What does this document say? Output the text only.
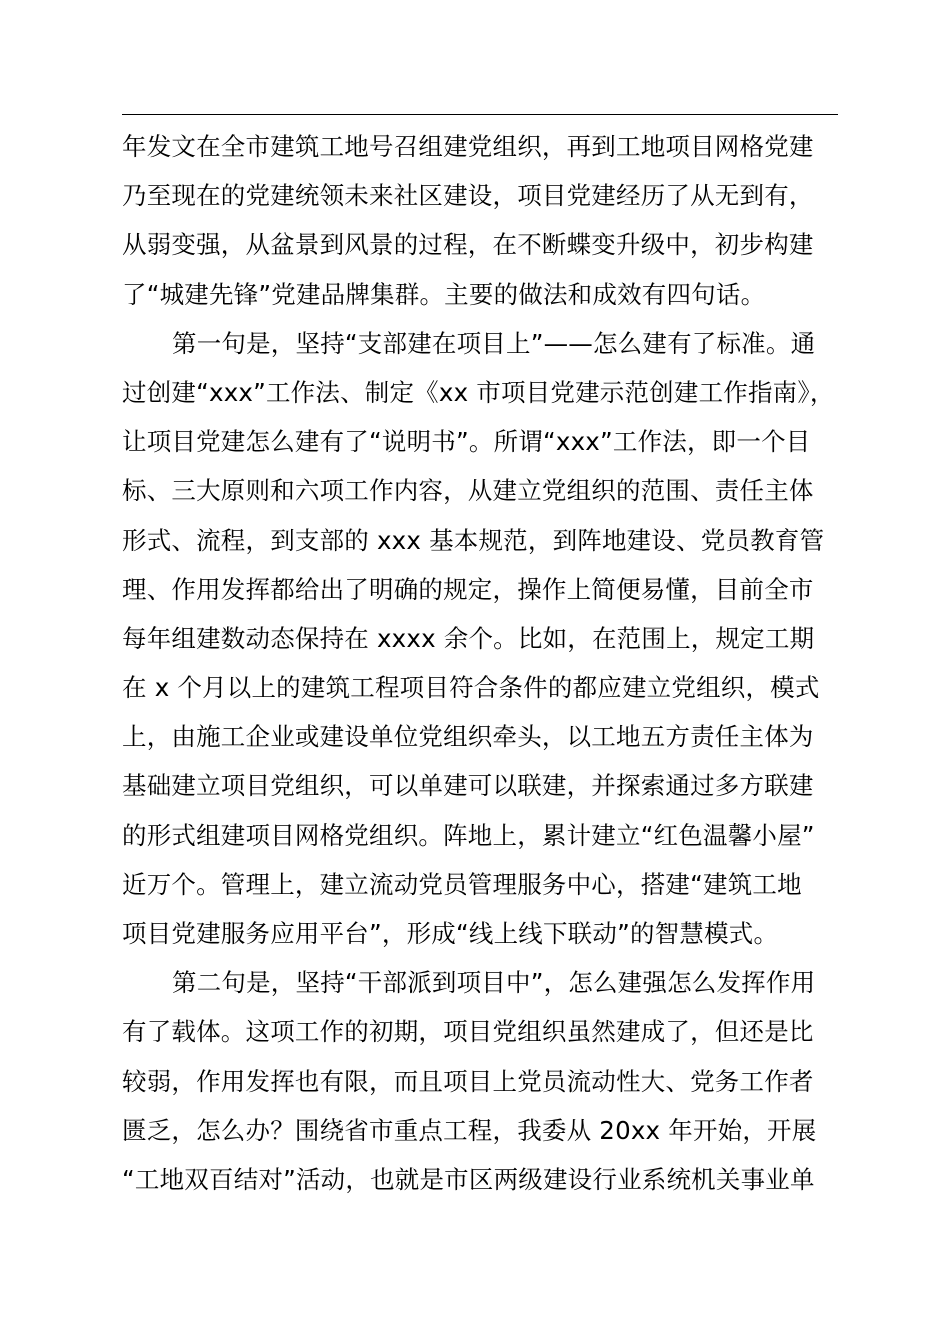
年发文在全市建筑工地号召组建党组织，再到工地项目网格党建
乃至现在的党建统领未来社区建设，项目党建经历了从无到有，
从弱变强，从盆景到风景的过程，在不断蝶变升级中，初步构建
了“城建先锋”党建品牌集群。主要的做法和成效有四句话。
第一句是，坚持“支部建在项目上”——怎么建有了标准。通
过创建“xxx”工作法、制定《xx 市项目党建示范创建工作指南》，
让项目党建怎么建有了“说明书”。所谓“xxx”工作法，即一个目
标、三大原则和六项工作内容，从建立党组织的范围、责任主体
形式、流程，到支部的 xxx 基本规范，到阵地建设、党员教育管
理、作用发挥都给出了明确的规定，操作上简便易懂，目前全市
每年组建数动态保持在 xxxx 余个。比如，在范围上，规定工期
在 x 个月以上的建筑工程项目符合条件的都应建立党组织，模式
上，由施工企业或建设单位党组织牵头，以工地五方责任主体为
基础建立项目党组织，可以单建可以联建，并探索通过多方联建
的形式组建项目网格党组织。阵地上，累计建立“红色温馨小屋”
近万个。管理上，建立流动党员管理服务中心，搭建“建筑工地
项目党建服务应用平台”，形成“线上线下联动”的智慧模式。
第二句是，坚持“干部派到项目中”，怎么建强怎么发挥作用
有了载体。这项工作的初期，项目党组织虽然建成了，但还是比
较弱，作用发挥也有限，而且项目上党员流动性大、党务工作者
匮乏，怎么办？围绕省市重点工程，我委从 20xx 年开始，开展
“工地双百结对”活动，也就是市区两级建设行业系统机关事业单
